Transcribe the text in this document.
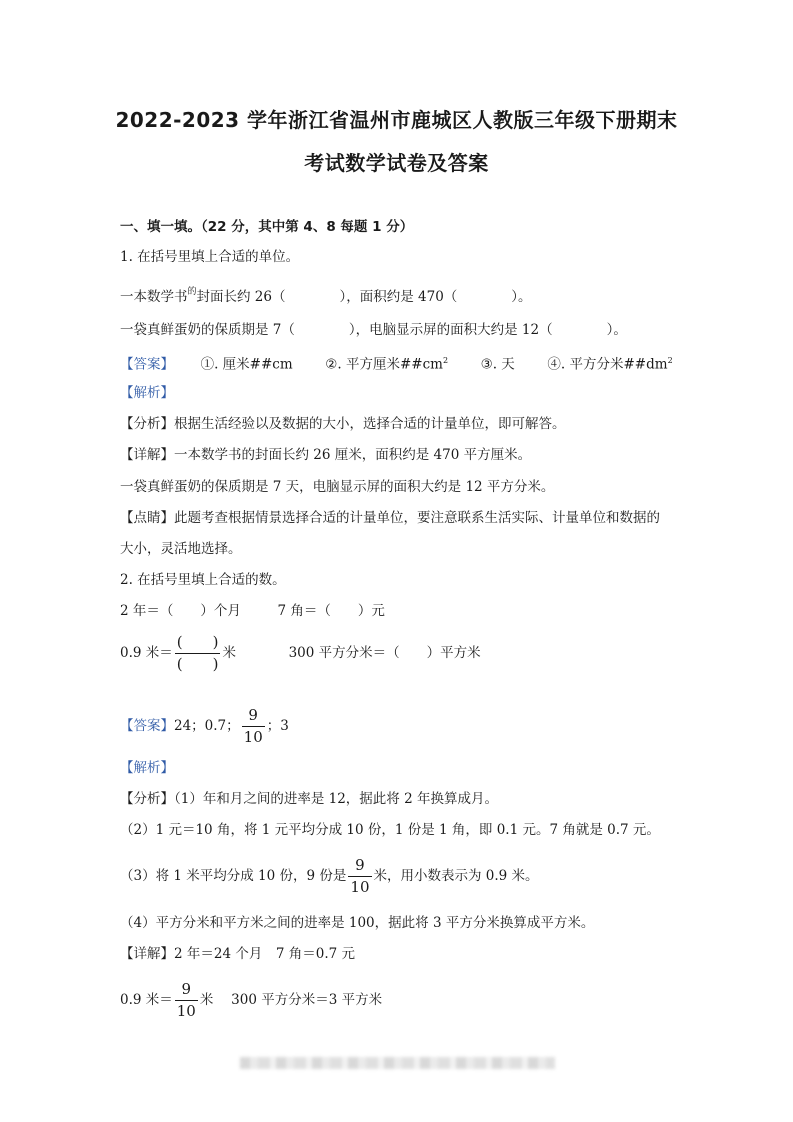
2022-2023 学年浙江省温州市鹿城区人教版三年级下册期末
考试数学试卷及答案
一、填一填。（22 分，其中第 4、8 每题 1 分）
1. 在括号里填上合适的单位。
一本数学书$^的$封面长约 26（　　　　），面积约是 470（　　　　）。
一袋真鲜蛋奶的保质期是 7（　　　　），电脑显示屏的面积大约是 12（　　　　）。
【答案】 ①. 厘米##cm ②. 平方厘米$\#\#cm^2$ ③. 天 ④. 平方分米$\#\#dm^2$
【解析】
【分析】根据生活经验以及数据的大小，选择合适的计量单位，即可解答。
【详解】一本数学书的封面长约 26 厘米，面积约是 470 平方厘米。
一袋真鲜蛋奶的保质期是 7 天，电脑显示屏的面积大约是 12 平方分米。
【点睛】此题考查根据情景选择合适的计量单位，要注意联系生活实际、计量单位和数据的
大小，灵活地选择。
2. 在括号里填上合适的数。
2 年＝（　　）个月	7 角＝（　　）元
0.9 米＝ $\frac{( )}{( )}$ 米	300 平方分米＝（　　）平方米
【答案】24；0.7； $\frac{9}{10}$ ；3
【解析】
【分析】（1）年和月之间的进率是 12，据此将 2 年换算成月。
（2）1 元＝10 角，将 1 元平均分成 10 份，1 份是 1 角，即 0.1 元。7 角就是 0.7 元。
（3）将 1 米平均分成 10 份，9 份是 $\frac{9}{10}$ 米，用小数表示为 0.9 米。
（4）平方分米和平方米之间的进率是 100，据此将 3 平方分米换算成平方米。
【详解】2 年＝24 个月　7 角＝0.7 元
0.9 米＝ $\frac{9}{10}$ 米　 300 平方分米＝3 平方米
